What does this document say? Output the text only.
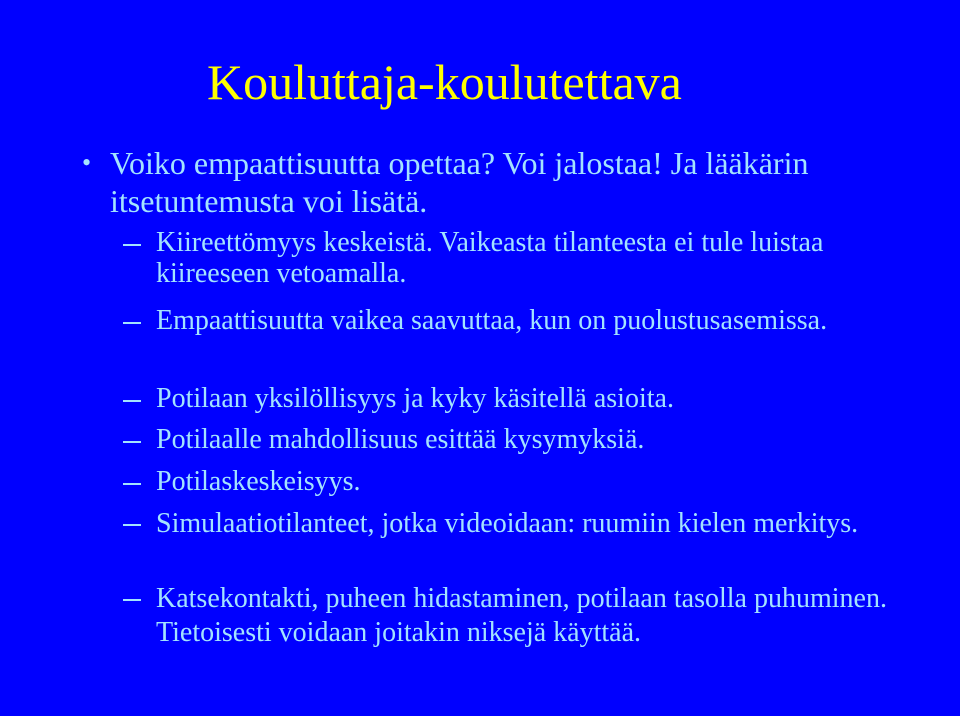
Kouluttaja-koulutettava
• Voiko empaattisuutta opettaa? Voi jalostaa! Ja lääkärin itsetuntemusta voi lisätä.
Kiireettömyys keskeistä. Vaikeasta tilanteesta ei tule luistaa kiireeseen vetoamalla.
Empaattisuutta vaikea saavuttaa, kun on puolustusasemissa.
Potilaan yksilöllisyys ja kyky käsitellä asioita.
Potilaalle mahdollisuus esittää kysymyksiä.
Potilaskeskeisyys.
Simulaatiotilanteet, jotka videoidaan: ruumiin kielen merkitys.
Katsekontakti, puheen hidastaminen, potilaan tasolla puhuminen. Tietoisesti voidaan joitakin niksejä käyttää.
